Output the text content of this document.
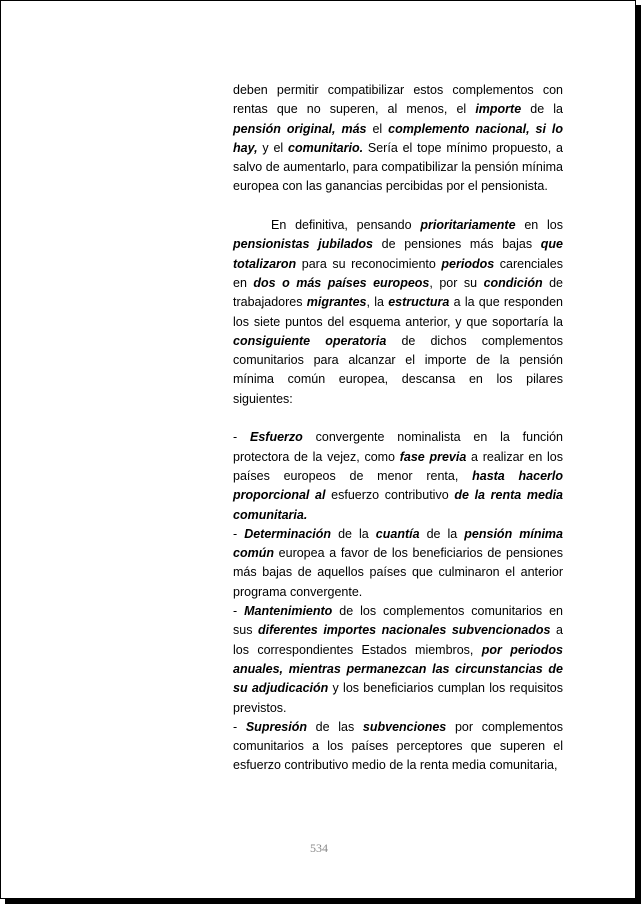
deben permitir compatibilizar estos complementos con rentas que no superen, al menos, el importe de la pensión original, más el complemento nacional, si lo hay, y el comunitario. Sería el tope mínimo propuesto, a salvo de aumentarlo, para compatibilizar la pensión mínima europea con las ganancias percibidas por el pensionista.

En definitiva, pensando prioritariamente en los pensionistas jubilados de pensiones más bajas que totalizaron para su reconocimiento periodos carenciales en dos o más países europeos, por su condición de trabajadores migrantes, la estructura a la que responden los siete puntos del esquema anterior, y que soportaría la consiguiente operatoria de dichos complementos comunitarios para alcanzar el importe de la pensión mínima común europea, descansa en los pilares siguientes:

- Esfuerzo convergente nominalista en la función protectora de la vejez, como fase previa a realizar en los países europeos de menor renta, hasta hacerlo proporcional al esfuerzo contributivo de la renta media comunitaria.

- Determinación de la cuantía de la pensión mínima común europea a favor de los beneficiarios de pensiones más bajas de aquellos países que culminaron el anterior programa convergente.

- Mantenimiento de los complementos comunitarios en sus diferentes importes nacionales subvencionados a los correspondientes Estados miembros, por periodos anuales, mientras permanezcan las circunstancias de su adjudicación y los beneficiarios cumplan los requisitos previstos.

- Supresión de las subvenciones por complementos comunitarios a los países perceptores que superen el esfuerzo contributivo medio de la renta media comunitaria,

534
